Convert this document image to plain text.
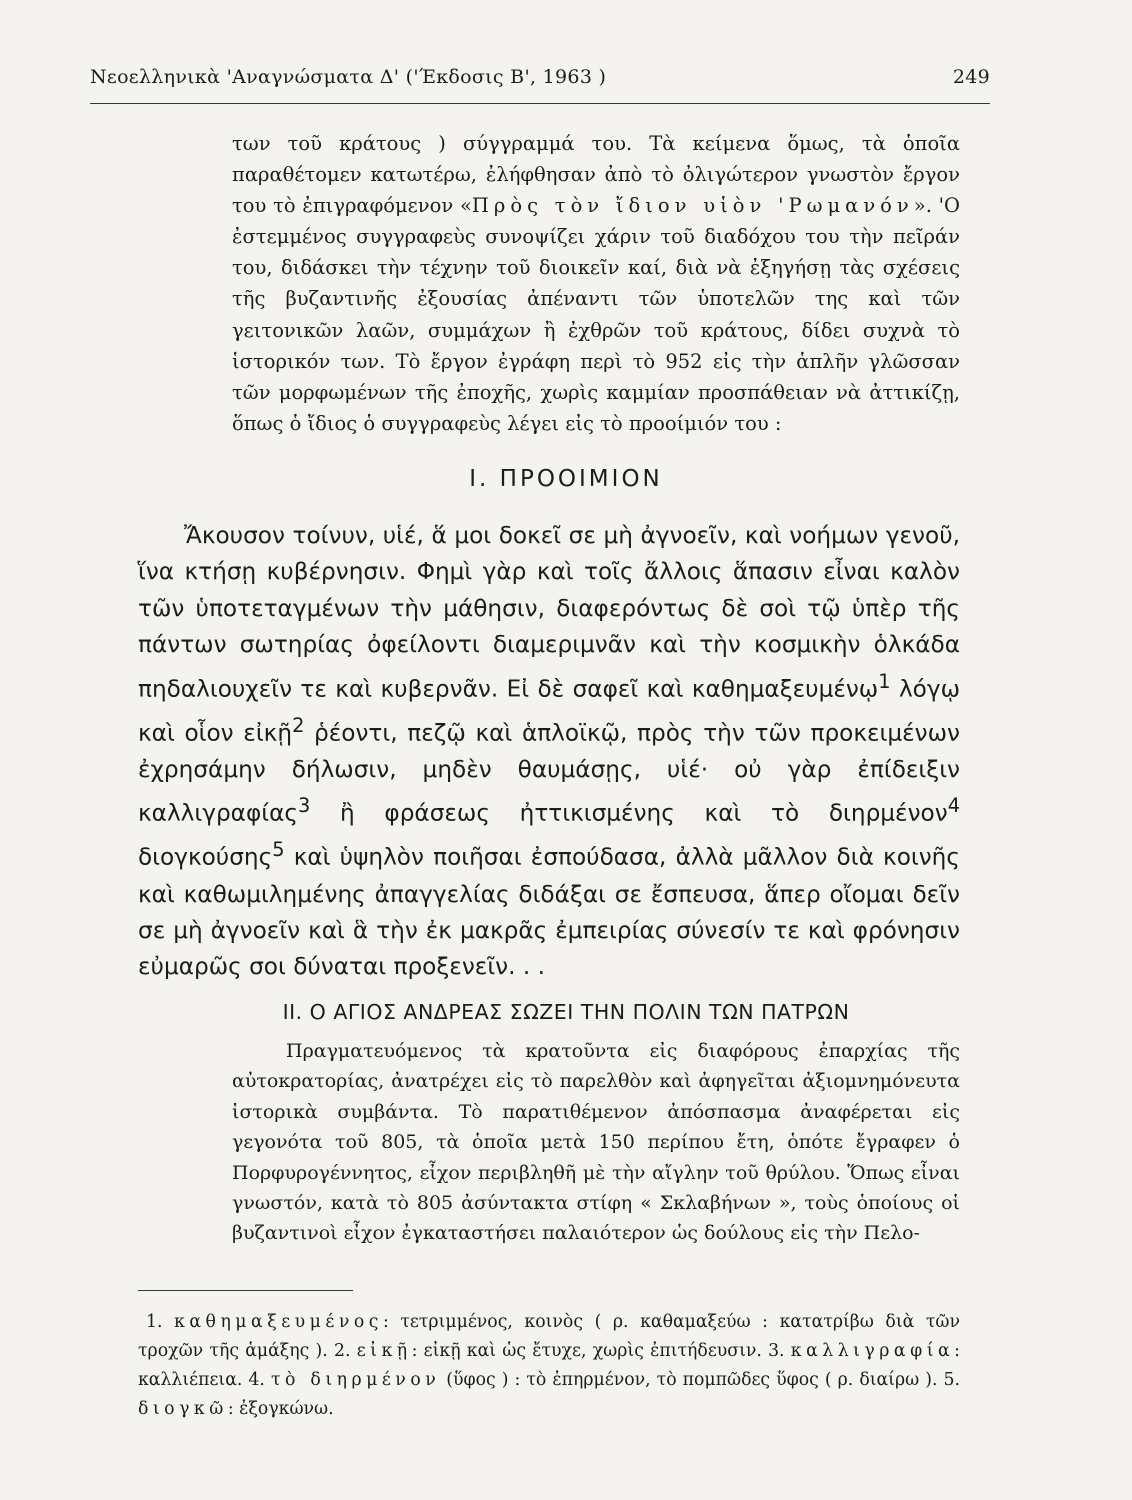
Νεοελληνικὰ 'Αναγνώσματα Δ' ('Έκδοσις Β', 1963 )	249

των τοῦ κράτους ) σύγγραμμά του. Τὰ κείμενα ὅμως, τὰ ὁποῖα παραθέτομεν κατωτέρω, ἐλήφθησαν ἀπὸ τὸ ὀλιγώτερον γνωστὸν ἔργον του τὸ ἐπιγραφόμενον «Πρὸς τὸν ἴδιον υἱὸν 'Ρωμανόν». 'Ο ἐστεμμένος συγγραφεὺς συνοψίζει χάριν τοῦ διαδόχου του τὴν πεῖράν του, διδάσκει τὴν τέχνην τοῦ διοικεῖν καί, διὰ νὰ ἐξηγήσῃ τὰς σχέσεις τῆς βυζαντινῆς ἐξουσίας ἀπέναντι τῶν ὑποτελῶν της καὶ τῶν γειτονικῶν λαῶν, συμμάχων ἢ ἐχθρῶν τοῦ κράτους, δίδει συχνὰ τὸ ἱστορικόν των. Τὸ ἔργον ἐγράφη περὶ τὸ 952 εἰς τὴν ἁπλῆν γλῶσσαν τῶν μορφωμένων τῆς ἐποχῆς, χωρὶς καμμίαν προσπάθειαν νὰ ἀττικίζῃ, ὅπως ὁ ἴδιος ὁ συγγραφεὺς λέγει εἰς τὸ προοίμιόν του :

Ι. ΠΡΟΟΙΜΙΟΝ

Ἄκουσον τοίνυν, υἱέ, ἅ μοι δοκεῖ σε μὴ ἀγνοεῖν, καὶ νοήμων γενοῦ, ἵνα κτήσῃ κυβέρνησιν. Φημὶ γὰρ καὶ τοῖς ἄλλοις ἅπασιν εἶναι καλὸν τῶν ὑποτεταγμένων τὴν μάθησιν, διαφερόντως δὲ σοὶ τῷ ὑπὲρ τῆς πάντων σωτηρίας ὀφείλοντι διαμεριμνᾶν καὶ τὴν κοσμικὴν ὁλκάδα πηδαλιουχεῖν τε καὶ κυβερνᾶν. Εἰ δὲ σαφεῖ καὶ καθημαξευμένῳ$^1$ λόγῳ καὶ οἷον εἰκῇ$^2$ ῥέοντι, πεζῷ καὶ ἁπλοϊκῷ, πρὸς τὴν τῶν προκειμένων ἐχρησάμην δήλωσιν, μηδὲν θαυμάσῃς, υἱέ· οὐ γὰρ ἐπίδειξιν καλλιγραφίας$^3$ ἢ φράσεως ἠττικισμένης καὶ τὸ διηρμένον$^4$ διογκούσης$^5$ καὶ ὑψηλὸν ποιῆσαι ἐσπούδασα, ἀλλὰ μᾶλλον διὰ κοινῆς καὶ καθωμιλημένης ἀπαγγελίας διδάξαι σε ἔσπευσα, ἅπερ οἴομαι δεῖν σε μὴ ἀγνοεῖν καὶ ἃ τὴν ἐκ μακρᾶς ἐμπειρίας σύνεσίν τε καὶ φρόνησιν εὐμαρῶς σοι δύναται προξενεῖν. . .

ΙΙ. Ο ΑΓΙΟΣ ΑΝΔΡΕΑΣ ΣΩΖΕΙ ΤΗΝ ΠΟΛΙΝ ΤΩΝ ΠΑΤΡΩΝ

Πραγματευόμενος τὰ κρατοῦντα εἰς διαφόρους ἐπαρχίας τῆς αὐτοκρατορίας, ἀνατρέχει εἰς τὸ παρελθὸν καὶ ἀφηγεῖται ἀξιομνημόνευτα ἱστορικὰ συμβάντα. Τὸ παρατιθέμενον ἀπόσπασμα ἀναφέρεται εἰς γεγονότα τοῦ 805, τὰ ὁποῖα μετὰ 150 περίπου ἔτη, ὁπότε ἔγραφεν ὁ Πορφυρογέννητος, εἶχον περιβληθῆ μὲ τὴν αἴγλην τοῦ θρύλου. Ὅπως εἶναι γνωστόν, κατὰ τὸ 805 ἀσύντακτα στίφη « Σκλαβήνων », τοὺς ὁποίους οἱ βυζαντινοὶ εἶχον ἐγκαταστήσει παλαιότερον ὡς δούλους εἰς τὴν Πελο-

1. καθημαξευμένος: τετριμμένος, κοινὸς ( ρ. καθαμαξεύω : κατατρίβω διὰ τῶν τροχῶν τῆς ἁμάξης ). 2. εἰκῇ: εἰκῇ καὶ ὡς ἔτυχε, χωρὶς ἐπιτήδευσιν. 3. καλλιγραφία: καλλιέπεια. 4. τὸ διηρμένον (ὕφος ) : τὸ ἐπηρμένον, τὸ πομπῶδες ὕφος ( ρ. διαίρω ). 5. διογκῶ: ἐξογκώνω.
